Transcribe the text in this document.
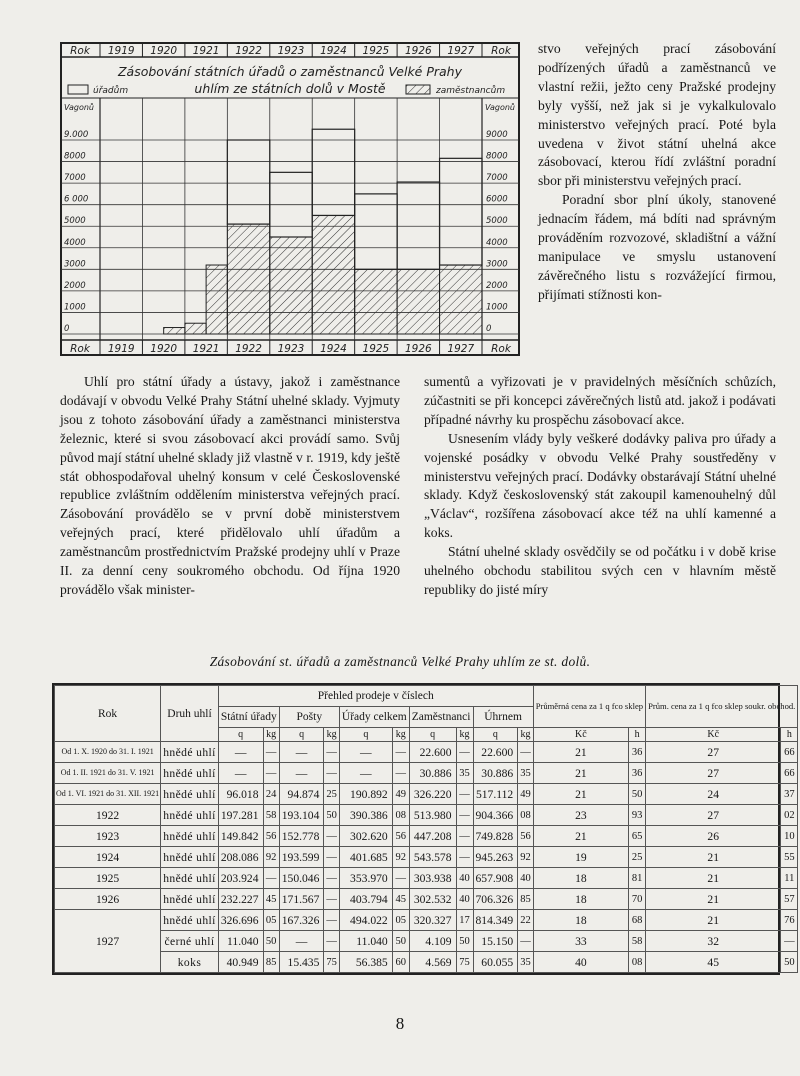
Rok
Rok
1919
1919
1920
1920
1921
1921
1922
1922
1923
1923
1924
1924
1925
1925
1926
1926
1927
1927
Rok
Rok
Zásobování státních úřadů o zaměstnanců Velké Prahy
uhlím ze státních dolů v Mostě
úřadům	zaměstnancům
Vagonů	Vagonů
9.000	9000
8000	8000
7000	7000
6 000	6000
5000	5000
4000	4000
3000	3000
2000	2000
1000	1000
0	0

stvo veřejných prací zásobování podřízených úřadů a zaměstnanců ve vlastní režii, ježto ceny Pražské prodejny byly vyšší, než jak si je vykalkulovalo ministerstvo veřejných prací. Poté byla uvedena v život státní uhelná akce zásobovací, kterou řídí zvláštní poradní sbor při ministerstvu veřejných prací.

Poradní sbor plní úkoly, stanovené jednacím řádem, má bdíti nad správným prováděním rozvozové, skladištní a vážní manipulace ve smyslu ustanovení závěrečného listu s rozvážející firmou, přijímati stížnosti kon-

Uhlí pro státní úřady a ústavy, jakož i zaměstnance dodávají v obvodu Velké Prahy Státní uhelné sklady. Vyjmuty jsou z tohoto zásobování úřady a zaměstnanci ministerstva železnic, které si svou zásobovací akci provádí samo. Svůj původ mají státní uhelné sklady již vlastně v r. 1919, kdy ještě stát obhospodařoval uhelný konsum v celé Československé republice zvláštním oddělením ministerstva veřejných prací. Zásobování provádělo se v první době ministerstvem veřejných prací, které přidělovalo uhlí úřadům a zaměstnancům prostřednictvím Pražské prodejny uhlí v Praze II. za denní ceny soukromého obchodu. Od října 1920 provádělo však minister-

sumentů a vyřizovati je v pravidelných měsíčních schůzích, zúčastniti se při koncepci závěrečných listů atd. jakož i podávati případné návrhy ku prospěchu zásobovací akce.

Usnesením vlády byly veškeré dodávky paliva pro úřady a vojenské posádky v obvodu Velké Prahy soustředěny v ministerstvu veřejných prací. Dodávky obstarávají Státní uhelné sklady. Když československý stát zakoupil kamenouhelný důl „Václav“, rozšířena zásobovací akce též na uhlí kamenné a koks.

Státní uhelné sklady osvědčily se od počátku i v době krise uhelného obchodu stabilitou svých cen v hlavním městě republiky do jisté míry

Zásobování st. úřadů a zaměstnanců Velké Prahy uhlím ze st. dolů.
Rok	Druh uhlí	Přehled prodeje v číslech										Průměrná cena za 1 q fco sklep		Prům. cena za 1 q fco sklep soukr. obchod.	
		Státní úřady		Pošty		Úřady celkem		Zaměstnanci		Úhrnem					
		q	kg	q	kg	q	kg	q	kg	q	kg	Kč	h	Kč	h
Od 1. X. 1920 do 31. I. 1921	hnědé uhlí	—	—	—	—	—	—	22.600	—	22.600	—	21	36	27	66
Od 1. II. 1921 do 31. V. 1921	hnědé uhlí	—	—	—	—	—	—	30.886	35	30.886	35	21	36	27	66
Od 1. VI. 1921 do 31. XII. 1921	hnědé uhlí	96.018	24	94.874	25	190.892	49	326.220	—	517.112	49	21	50	24	37
1922	hnědé uhlí	197.281	58	193.104	50	390.386	08	513.980	—	904.366	08	23	93	27	02
1923	hnědé uhlí	149.842	56	152.778	—	302.620	56	447.208	—	749.828	56	21	65	26	10
1924	hnědé uhlí	208.086	92	193.599	—	401.685	92	543.578	—	945.263	92	19	25	21	55
1925	hnědé uhlí	203.924	—	150.046	—	353.970	—	303.938	40	657.908	40	18	81	21	11
1926	hnědé uhlí	232.227	45	171.567	—	403.794	45	302.532	40	706.326	85	18	70	21	57
1927	hnědé uhlí	326.696	05	167.326	—	494.022	05	320.327	17	814.349	22	18	68	21	76
	černé uhlí	11.040	50	—	—	11.040	50	4.109	50	15.150	—	33	58	32	—
	koks	40.949	85	15.435	75	56.385	60	4.569	75	60.055	35	40	08	45	50
8
